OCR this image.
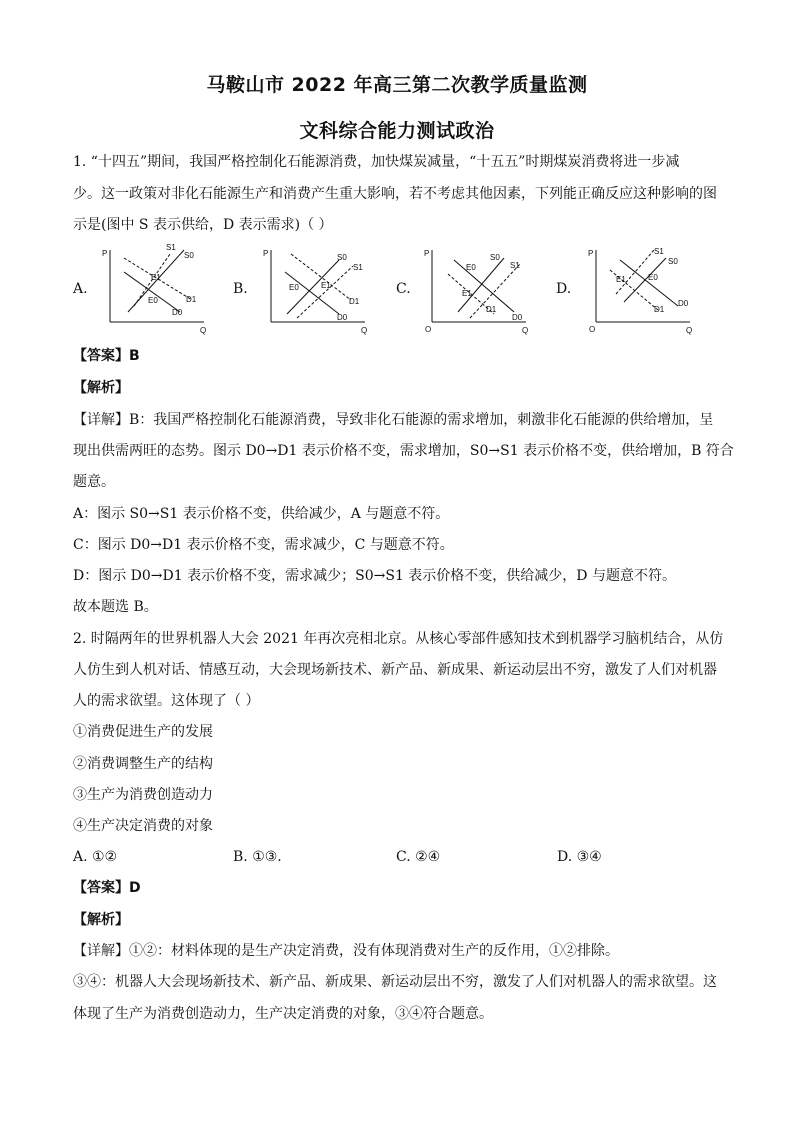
马鞍山市 2022 年高三第二次教学质量监测
文科综合能力测试政治
1. “十四五”期间，我国严格控制化石能源消费，加快煤炭减量，“十五五”时期煤炭消费将进一步减
少。这一政策对非化石能源生产和消费产生重大影响，若不考虑其他因素，下列能正确反应这种影响的图
示是(图中 S 表示供给，D 表示需求)（ ）
A.
P
Q
S1
S0
E1
E0	D1
D0
B.
P
Q
S1
S0
E1
E0
D1
D0
C.
P
Q
O
S1
S0
E1
E0
D1
D0
D.
P
Q
O
S1
S0
E1	E0
D1
D0
【答案】B
【解析】
【详解】B：我国严格控制化石能源消费，导致非化石能源的需求增加，刺激非化石能源的供给增加，呈
现出供需两旺的态势。图示 D0→D1 表示价格不变，需求增加，S0→S1 表示价格不变，供给增加，B 符合
题意。
A：图示 S0→S1 表示价格不变，供给减少，A 与题意不符。
C：图示 D0→D1 表示价格不变，需求减少，C 与题意不符。
D：图示 D0→D1 表示价格不变，需求减少；S0→S1 表示价格不变，供给减少，D 与题意不符。
故本题选 B。
2. 时隔两年的世界机器人大会 2021 年再次亮相北京。从核心零部件感知技术到机器学习脑机结合，从仿
人仿生到人机对话、情感互动，大会现场新技术、新产品、新成果、新运动层出不穷，激发了人们对机器
人的需求欲望。这体现了（ ）
①消费促进生产的发展
②消费调整生产的结构
③生产为消费创造动力
④生产决定消费的对象
A. ①②	B. ①③.	C. ②④	D. ③④
【答案】D
【解析】
【详解】①②：材料体现的是生产决定消费，没有体现消费对生产的反作用，①②排除。
③④：机器人大会现场新技术、新产品、新成果、新运动层出不穷，激发了人们对机器人的需求欲望。这
体现了生产为消费创造动力，生产决定消费的对象，③④符合题意。
